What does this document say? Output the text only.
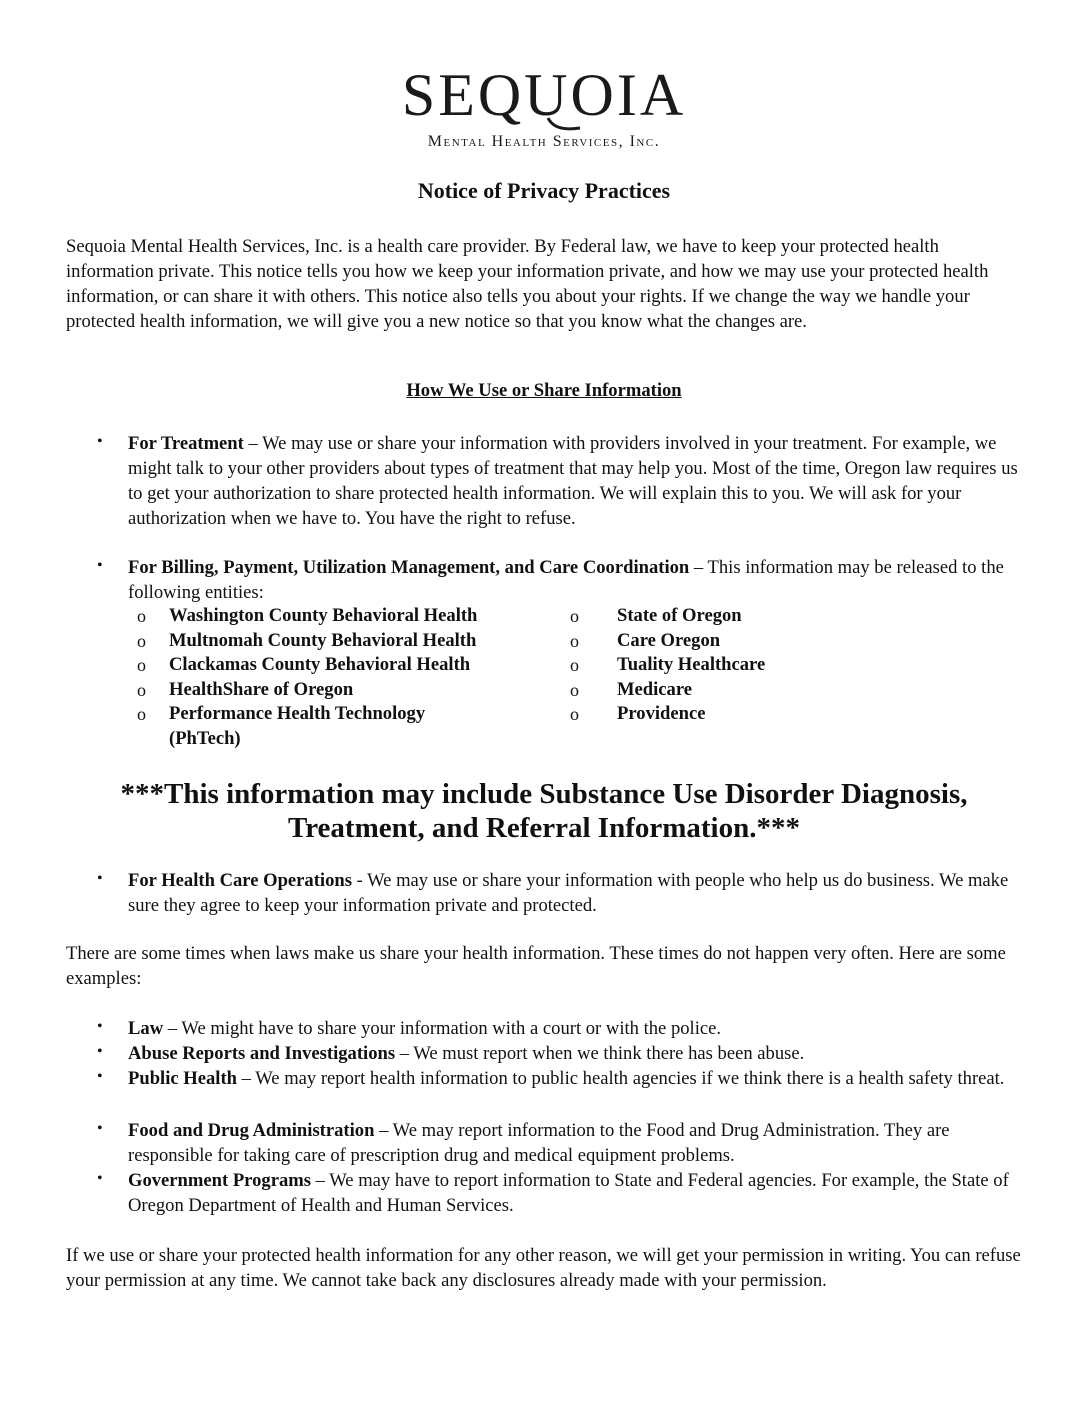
SEQUOIA
Mental Health Services, Inc.
Notice of Privacy Practices
Sequoia Mental Health Services, Inc. is a health care provider. By Federal law, we have to keep your protected health information private. This notice tells you how we keep your information private, and how we may use your protected health information, or can share it with others. This notice also tells you about your rights. If we change the way we handle your protected health information, we will give you a new notice so that you know what the changes are.
How We Use or Share Information
• For Treatment – We may use or share your information with providers involved in your treatment. For example, we might talk to your other providers about types of treatment that may help you. Most of the time, Oregon law requires us to get your authorization to share protected health information. We will explain this to you. We will ask for your authorization when we have to. You have the right to refuse.
• For Billing, Payment, Utilization Management, and Care Coordination – This information may be released to the following entities:
o Washington County Behavioral Health
o Multnomah County Behavioral Health
o Clackamas County Behavioral Health
o HealthShare of Oregon
o Performance Health Technology
(PhTech)
o State of Oregon
o Care Oregon
o Tuality Healthcare
o Medicare
o Providence
***This information may include Substance Use Disorder Diagnosis,
Treatment, and Referral Information.***
• For Health Care Operations - We may use or share your information with people who help us do business. We make sure they agree to keep your information private and protected.
There are some times when laws make us share your health information. These times do not happen very often. Here are some examples:
• Law – We might have to share your information with a court or with the police.
• Abuse Reports and Investigations – We must report when we think there has been abuse.
• Public Health – We may report health information to public health agencies if we think there is a health safety threat.
• Food and Drug Administration – We may report information to the Food and Drug Administration. They are responsible for taking care of prescription drug and medical equipment problems.
• Government Programs – We may have to report information to State and Federal agencies. For example, the State of Oregon Department of Health and Human Services.
If we use or share your protected health information for any other reason, we will get your permission in writing. You can refuse your permission at any time. We cannot take back any disclosures already made with your permission.
